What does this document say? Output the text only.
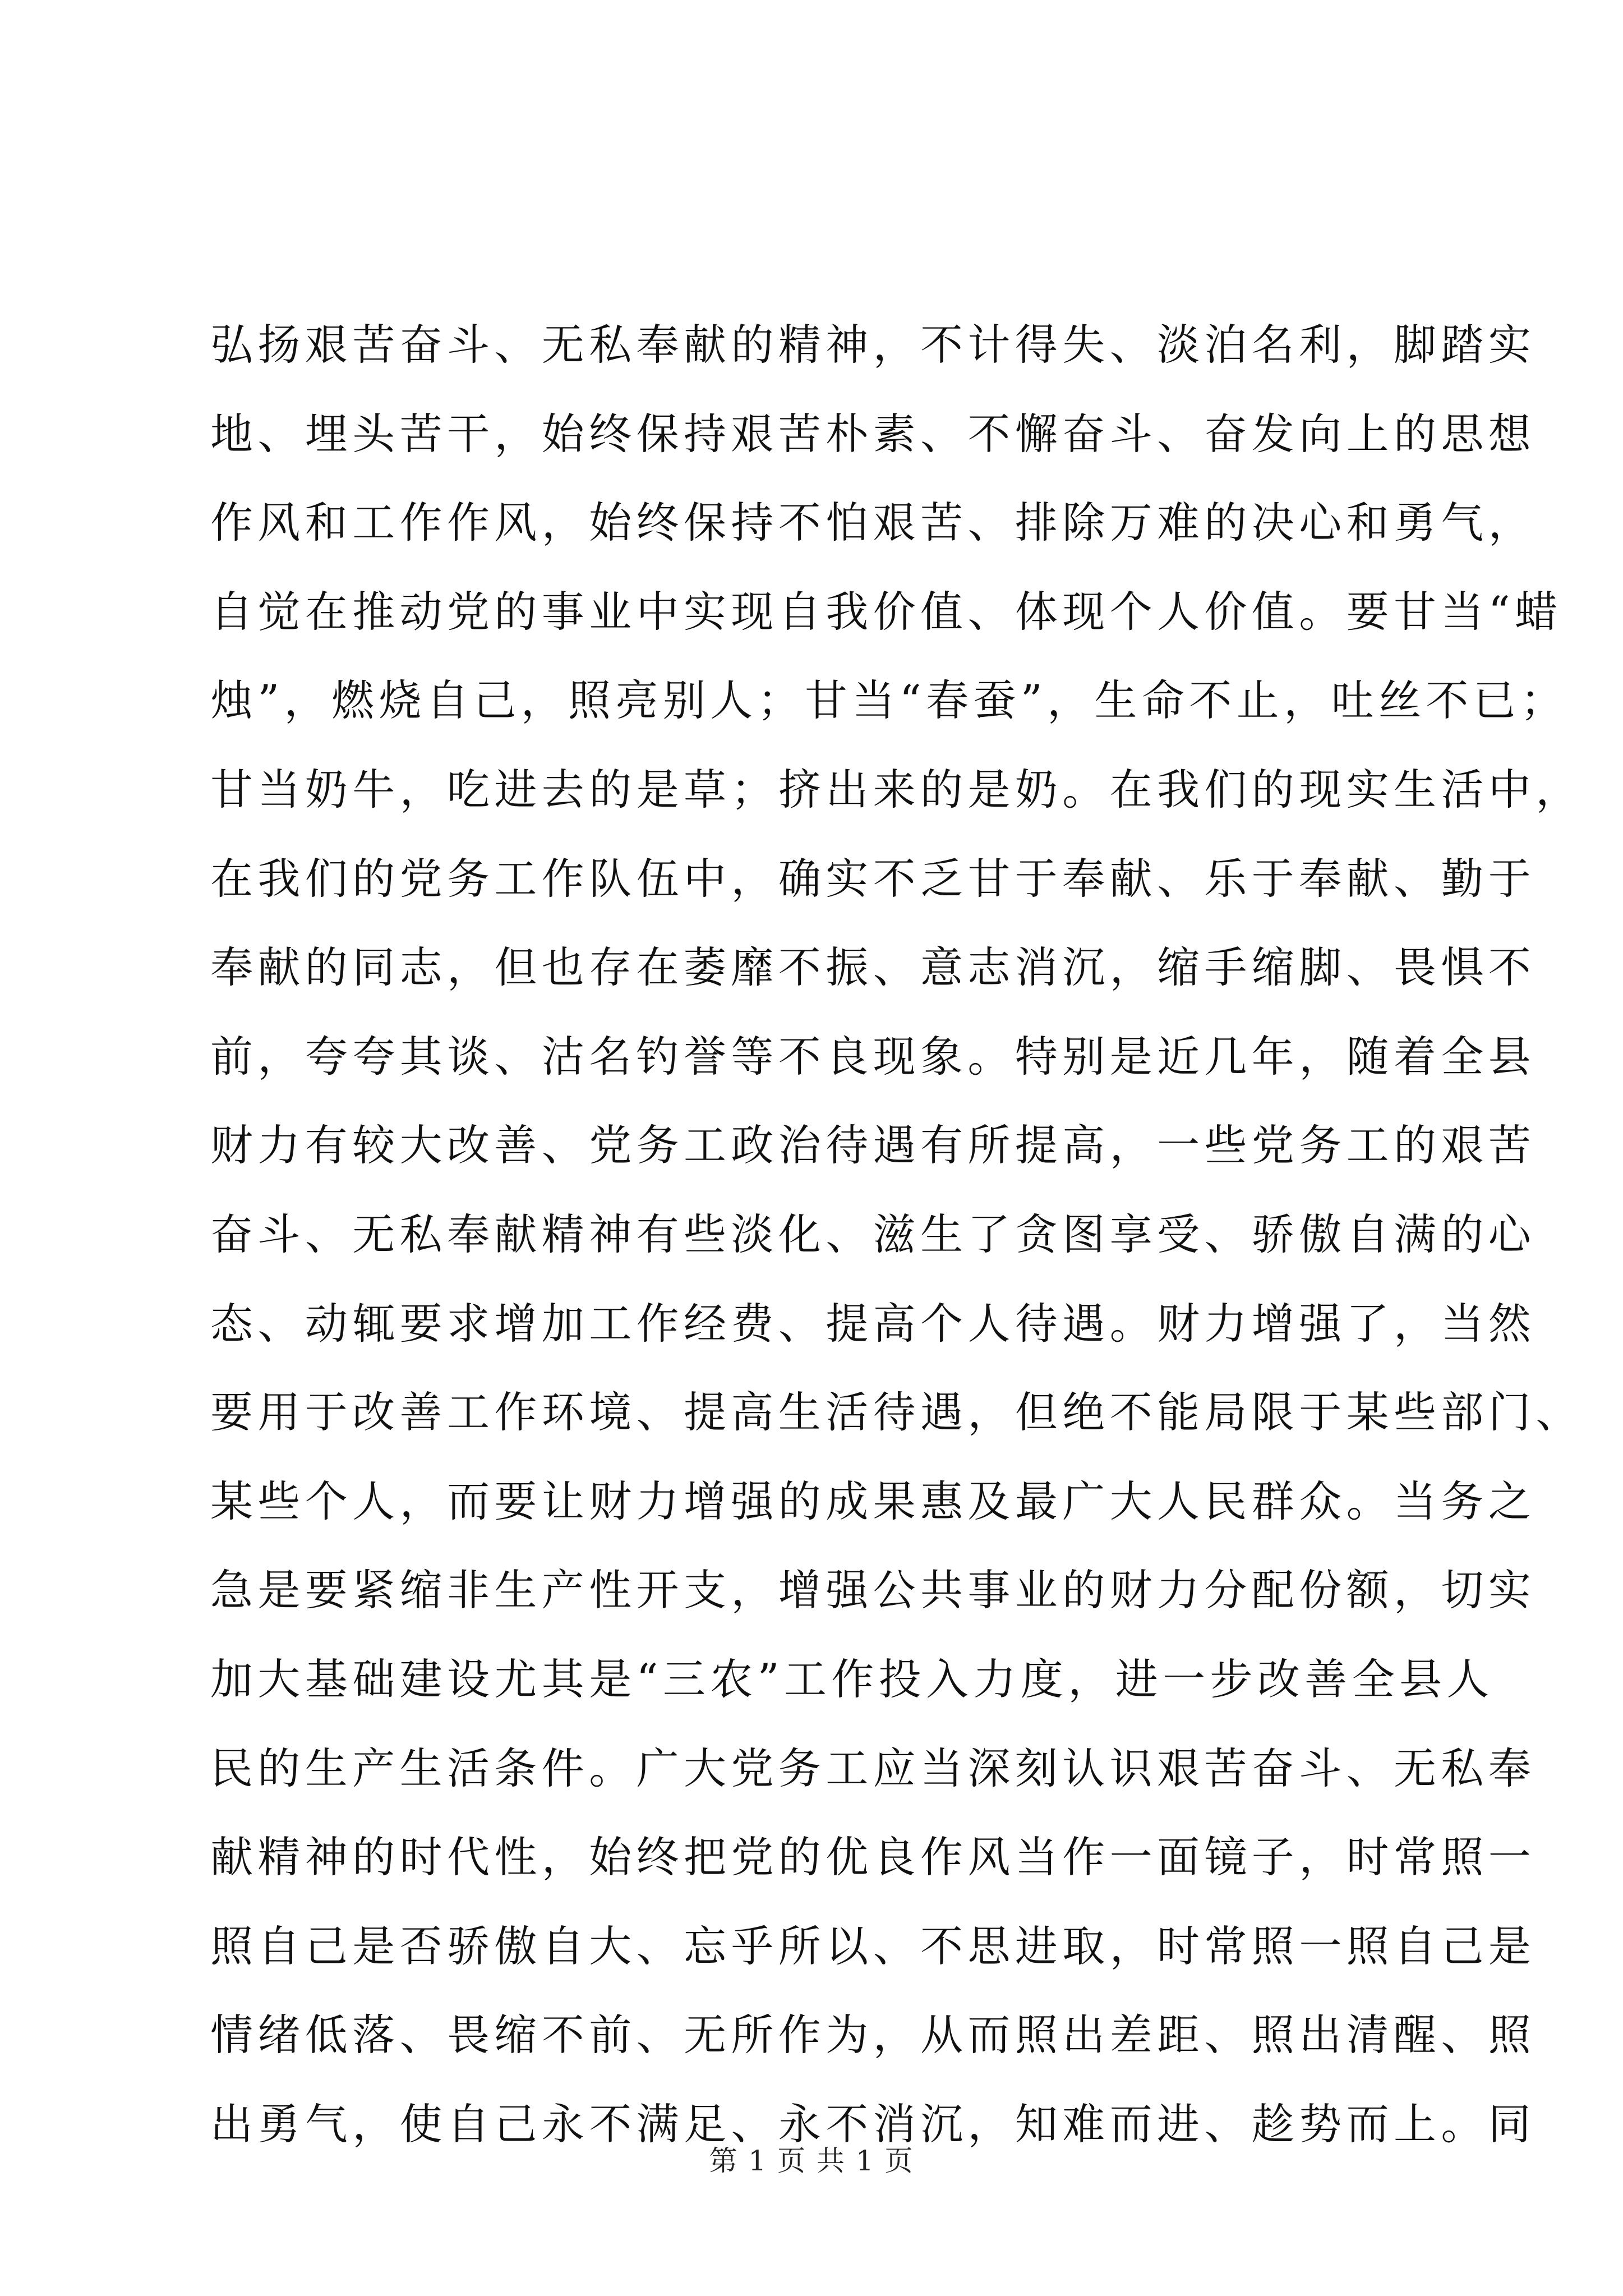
弘扬艰苦奋斗、无私奉献的精神，不计得失、淡泊名利，脚踏实
地、埋头苦干，始终保持艰苦朴素、不懈奋斗、奋发向上的思想
作风和工作作风，始终保持不怕艰苦、排除万难的决心和勇气，
自觉在推动党的事业中实现自我价值、体现个人价值。要甘当“蜡
烛”，燃烧自己，照亮别人；甘当“春蚕”，生命不止，吐丝不已；
甘当奶牛，吃进去的是草；挤出来的是奶。在我们的现实生活中，
在我们的党务工作队伍中，确实不乏甘于奉献、乐于奉献、勤于
奉献的同志，但也存在萎靡不振、意志消沉，缩手缩脚、畏惧不
前，夸夸其谈、沽名钓誉等不良现象。特别是近几年，随着全县
财力有较大改善、党务工政治待遇有所提高，一些党务工的艰苦
奋斗、无私奉献精神有些淡化、滋生了贪图享受、骄傲自满的心
态、动辄要求增加工作经费、提高个人待遇。财力增强了，当然
要用于改善工作环境、提高生活待遇，但绝不能局限于某些部门、
某些个人，而要让财力增强的成果惠及最广大人民群众。当务之
急是要紧缩非生产性开支，增强公共事业的财力分配份额，切实
加大基础建设尤其是“三农”工作投入力度，进一步改善全县人
民的生产生活条件。广大党务工应当深刻认识艰苦奋斗、无私奉
献精神的时代性，始终把党的优良作风当作一面镜子，时常照一
照自己是否骄傲自大、忘乎所以、不思进取，时常照一照自己是
情绪低落、畏缩不前、无所作为，从而照出差距、照出清醒、照
出勇气，使自己永不满足、永不消沉，知难而进、趁势而上。同
第 1 页 共 1 页
